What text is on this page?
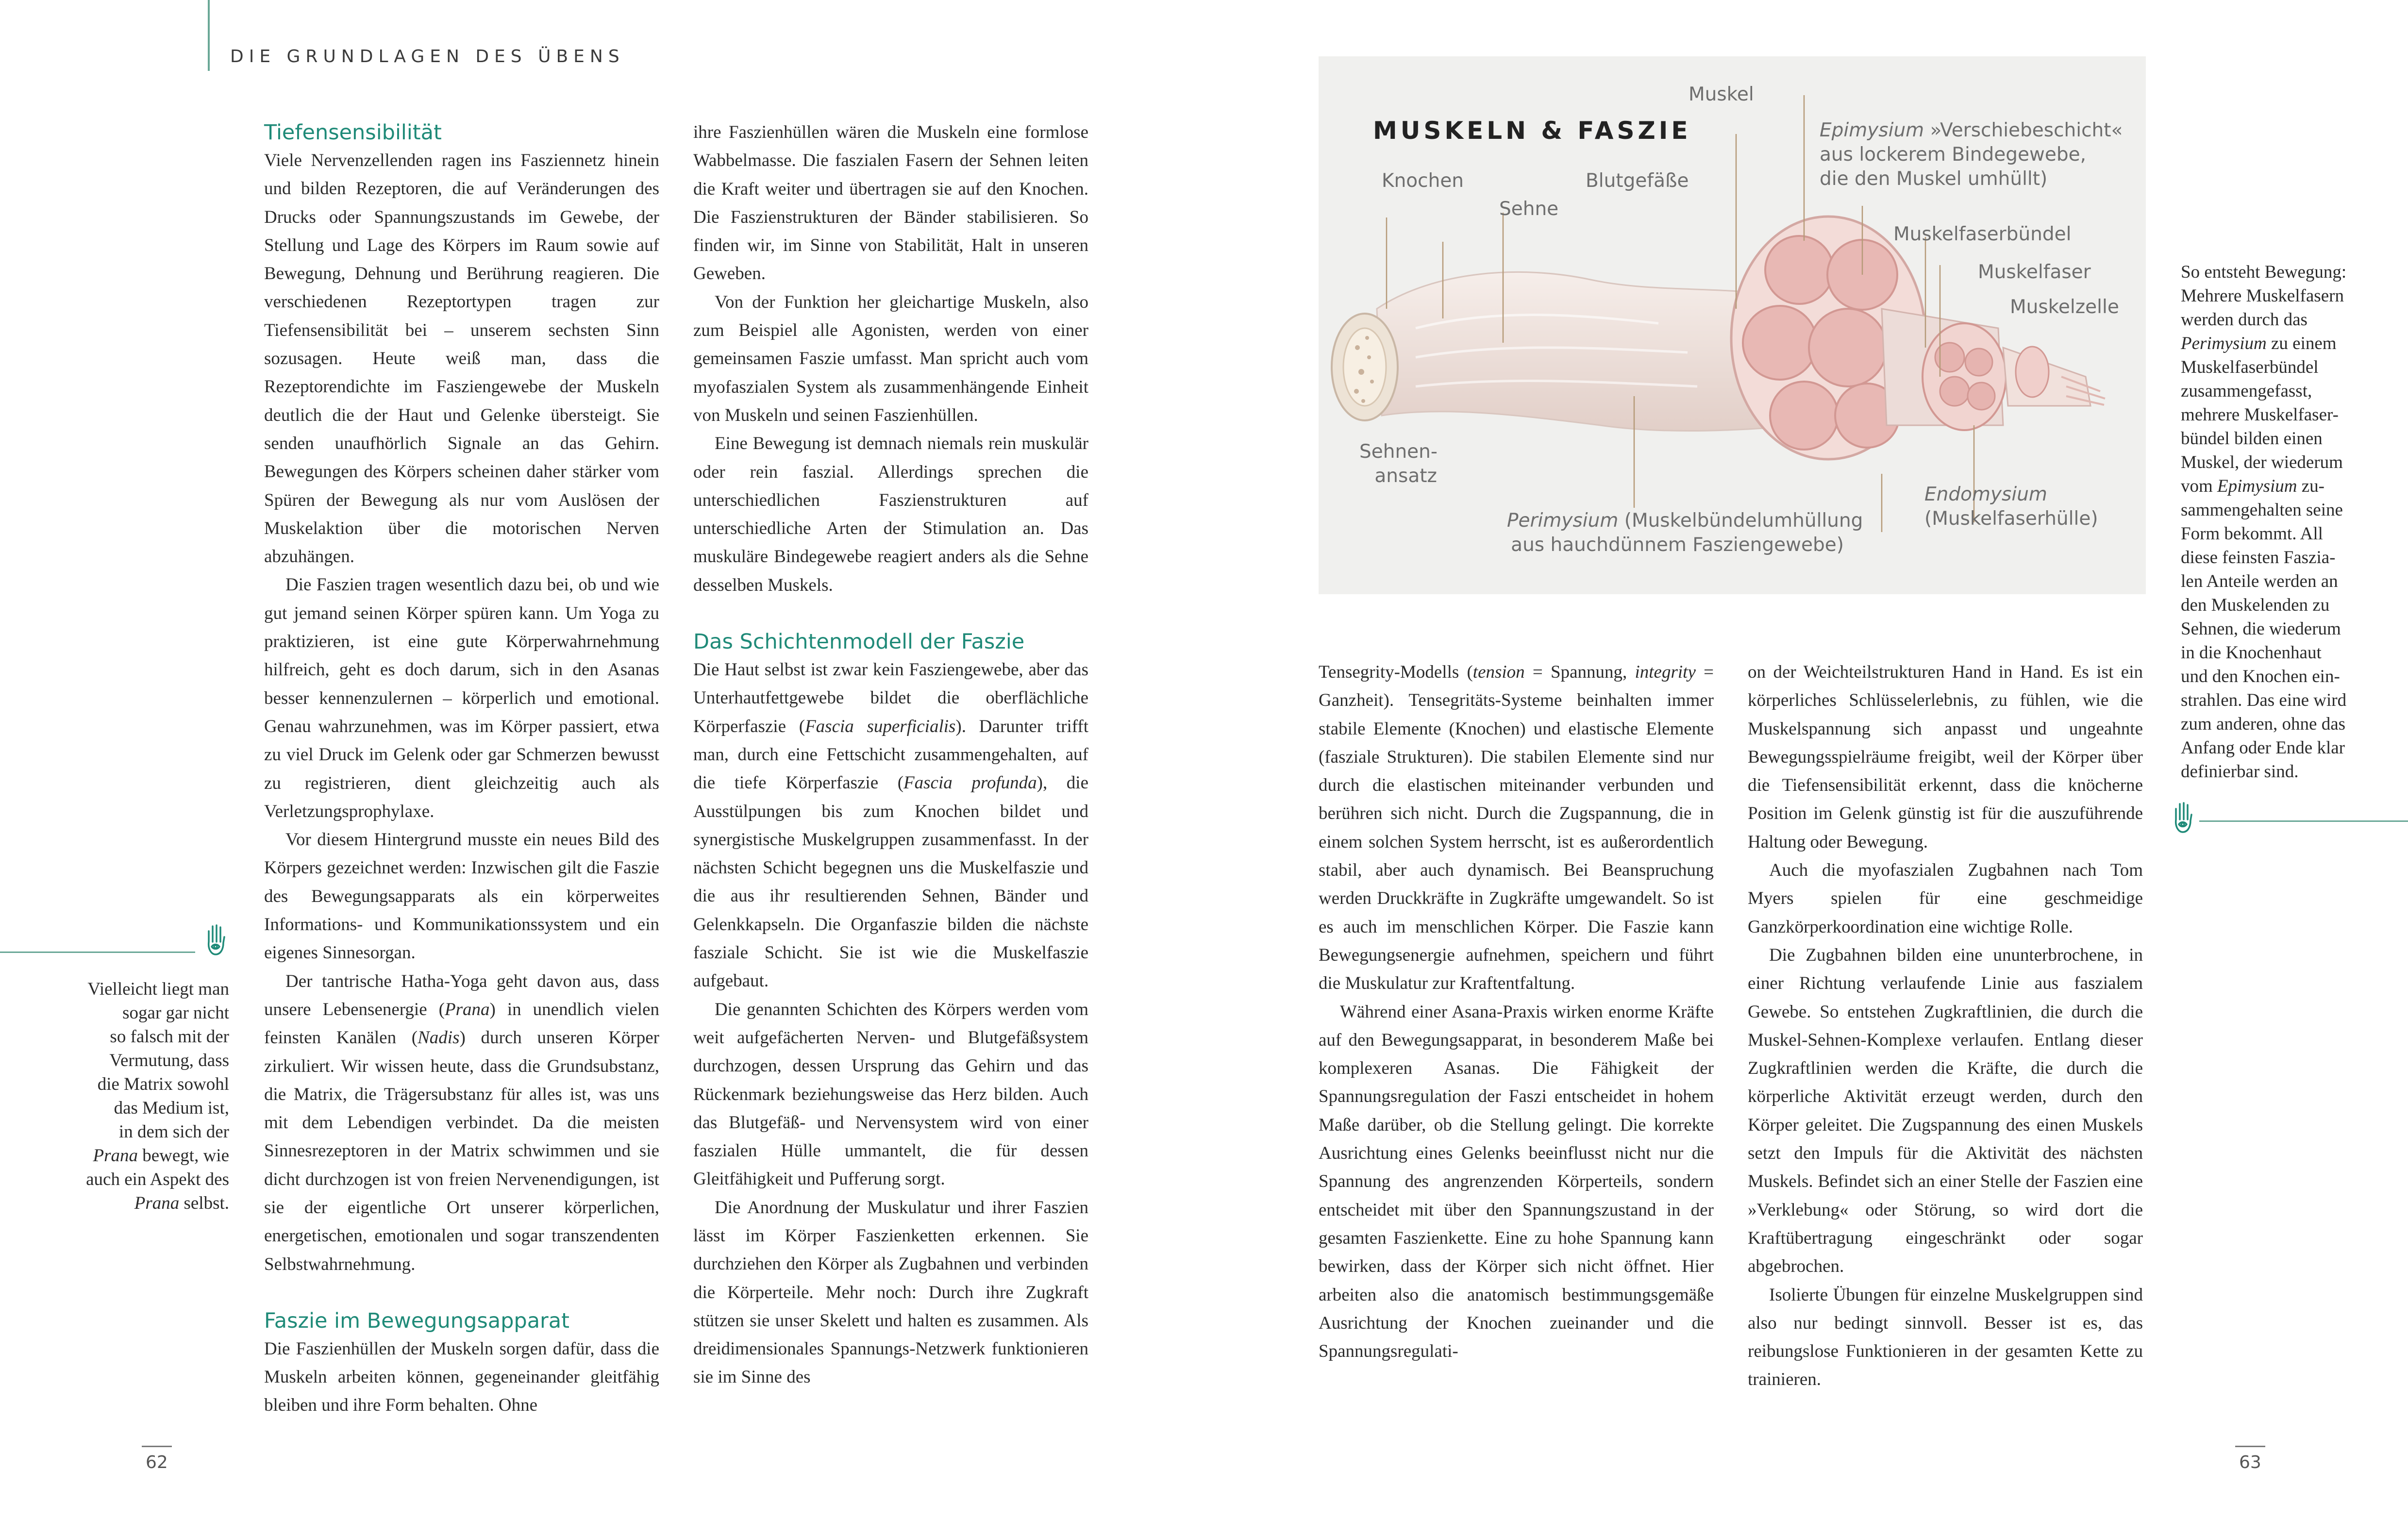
DIE GRUNDLAGEN DES ÜBENS
Vielleicht liegt man
sogar gar nicht
so falsch mit der
Vermutung, dass
die Matrix sowohl
das Medium ist,
in dem sich der
Prana bewegt, wie
auch ein Aspekt des
Prana selbst.
Tiefensensibilität

Viele Nervenzellenden ragen ins Fasziennetz hinein und bilden Rezeptoren, die auf Veränderungen des Drucks oder Spannungszustands im Gewebe, der Stellung und Lage des Körpers im Raum sowie auf Bewegung, Dehnung und Berührung reagieren. Die verschiedenen Rezeptortypen tragen zur Tiefensensibilität bei – unserem sechsten Sinn sozusagen. Heute weiß man, dass die Rezeptorendichte im Fasziengewebe der Muskeln deutlich die der Haut und Gelenke übersteigt. Sie senden unaufhörlich Signale an das Gehirn. Bewegungen des Körpers scheinen daher stärker vom Spüren der Bewegung als nur vom Auslösen der Muskelaktion über die motorischen Nerven abzuhängen.

Die Faszien tragen wesentlich dazu bei, ob und wie gut jemand seinen Körper spüren kann. Um Yoga zu praktizieren, ist eine gute Körperwahrnehmung hilfreich, geht es doch darum, sich in den Asanas besser kennenzulernen – körperlich und emotional. Genau wahrzunehmen, was im Körper passiert, etwa zu viel Druck im Gelenk oder gar Schmerzen bewusst zu registrieren, dient gleichzeitig auch als Verletzungsprophylaxe.

Vor diesem Hintergrund musste ein neues Bild des Körpers gezeichnet werden: Inzwischen gilt die Faszie des Bewegungsapparats als ein körperweites Informations- und Kommunikationssystem und ein eigenes Sinnesorgan.

Der tantrische Hatha-Yoga geht davon aus, dass unsere Lebensenergie (Prana) in unendlich vielen feinsten Kanälen (Nadis) durch unseren Körper zirkuliert. Wir wissen heute, dass die Grundsubstanz, die Matrix, die Trägersubstanz für alles ist, was uns mit dem Lebendigen verbindet. Da die meisten Sinnesrezeptoren in der Matrix schwimmen und sie dicht durchzogen ist von freien Nervenendigungen, ist sie der eigentliche Ort unserer körperlichen, energetischen, emotionalen und sogar transzendenten Selbstwahrnehmung.

Faszie im Bewegungsapparat

Die Faszienhüllen der Muskeln sorgen dafür, dass die Muskeln arbeiten können, gegeneinander gleitfähig bleiben und ihre Form behalten. Ohne

ihre Faszienhüllen wären die Muskeln eine formlose Wabbelmasse. Die faszialen Fasern der Sehnen leiten die Kraft weiter und übertragen sie auf den Knochen. Die Faszienstrukturen der Bänder stabilisieren. So finden wir, im Sinne von Stabilität, Halt in unseren Geweben.

Von der Funktion her gleichartige Muskeln, also zum Beispiel alle Agonisten, werden von einer gemeinsamen Faszie umfasst. Man spricht auch vom myofaszialen System als zusammenhängende Einheit von Muskeln und seinen Faszienhüllen.

Eine Bewegung ist demnach niemals rein muskulär oder rein faszial. Allerdings sprechen die unterschiedlichen Faszienstrukturen auf unterschiedliche Arten der Stimulation an. Das muskuläre Bindegewebe reagiert anders als die Sehne desselben Muskels.

Das Schichtenmodell der Faszie

Die Haut selbst ist zwar kein Fasziengewebe, aber das Unterhautfettgewebe bildet die oberflächliche Körperfaszie (Fascia superficialis). Darunter trifft man, durch eine Fettschicht zusammengehalten, auf die tiefe Körperfaszie (Fascia profunda), die Ausstülpungen bis zum Knochen bildet und synergistische Muskelgruppen zusammenfasst. In der nächsten Schicht begegnen uns die Muskelfaszie und die aus ihr resultierenden Sehnen, Bänder und Gelenkkapseln. Die Organfaszie bilden die nächste fasziale Schicht. Sie ist wie die Muskelfaszie aufgebaut.

Die genannten Schichten des Körpers werden vom weit aufgefächerten Nerven- und Blutgefäßsystem durchzogen, dessen Ursprung das Gehirn und das Rückenmark beziehungsweise das Herz bilden. Auch das Blutgefäß- und Nervensystem wird von einer faszialen Hülle ummantelt, die für dessen Gleitfähigkeit und Pufferung sorgt.

Die Anordnung der Muskulatur und ihrer Faszien lässt im Körper Faszienketten erkennen. Sie durchziehen den Körper als Zugbahnen und verbinden die Körperteile. Mehr noch: Durch ihre Zugkraft stützen sie unser Skelett und halten es zusammen. Als dreidimensionales Spannungs-Netzwerk funktionieren sie im Sinne des

Tensegrity-Modells (tension = Spannung, integrity = Ganzheit). Tensegritäts-Systeme beinhalten immer stabile Elemente (Knochen) und elastische Elemente (fasziale Strukturen). Die stabilen Elemente sind nur durch die elastischen miteinander verbunden und berühren sich nicht. Durch die Zugspannung, die in einem solchen System herrscht, ist es außerordentlich stabil, aber auch dynamisch. Bei Beanspruchung werden Druckkräfte in Zugkräfte umgewandelt. So ist es auch im menschlichen Körper. Die Faszie kann Bewegungsenergie aufnehmen, speichern und führt die Muskulatur zur Kraftentfaltung.

Während einer Asana-Praxis wirken enorme Kräfte auf den Bewegungsapparat, in besonderem Maße bei komplexeren Asanas. Die Fähigkeit der Spannungsregulation der Faszi entscheidet in hohem Maße darüber, ob die Stellung gelingt. Die korrekte Ausrichtung eines Gelenks beeinflusst nicht nur die Spannung des angrenzenden Körperteils, sondern entscheidet mit über den Spannungszustand in der gesamten Faszienkette. Eine zu hohe Spannung kann bewirken, dass der Körper sich nicht öffnet. Hier arbeiten also die anatomisch bestimmungsgemäße Ausrichtung der Knochen zueinander und die Spannungsregulati-

on der Weichteilstrukturen Hand in Hand. Es ist ein körperliches Schlüsselerlebnis, zu fühlen, wie die Muskelspannung sich anpasst und ungeahnte Bewegungsspielräume freigibt, weil der Körper über die Tiefensensibilität erkennt, dass die knöcherne Position im Gelenk günstig ist für die auszuführende Haltung oder Bewegung.

Auch die myofaszialen Zugbahnen nach Tom Myers spielen für eine geschmeidige Ganzkörperkoordination eine wichtige Rolle.

Die Zugbahnen bilden eine ununterbrochene, in einer Richtung verlaufende Linie aus faszialem Gewebe. So entstehen Zugkraftlinien, die durch die Muskel-Sehnen-Komplexe verlaufen. Entlang dieser Zugkraftlinien werden die Kräfte, die durch die körperliche Aktivität erzeugt werden, durch den Körper geleitet. Die Zugspannung des einen Muskels setzt den Impuls für die Aktivität des nächsten Muskels. Befindet sich an einer Stelle der Faszien eine »Verklebung« oder Störung, so wird dort die Kraftübertragung eingeschränkt oder sogar abgebrochen.

Isolierte Übungen für einzelne Muskelgruppen sind also nur bedingt sinnvoll. Besser ist es, das reibungslose Funktionieren in der gesamten Kette zu trainieren.

MUSKELN & FASZIE
Muskel
Epimysium »Verschiebeschicht«
aus lockerem Bindegewebe,
die den Muskel umhüllt)
Knochen	Blutgefäße
Sehne
Muskelfaserbündel
Muskelfaser
Muskelzelle
Sehnen-
ansatz
Perimysium (Muskelbündelumhüllung
aus hauchdünnem Fasziengewebe)
Endomysium
(Muskelfaserhülle)
So entsteht Bewegung:
Mehrere Muskelfasern
werden durch das
Perimysium zu einem
Muskelfaserbündel
zusammengefasst,
mehrere Muskelfaser-
bündel bilden einen
Muskel, der wiederum
vom Epimysium zu-
sammengehalten seine
Form bekommt. All
diese feinsten Faszia-
len Anteile werden an
den Muskelenden zu
Sehnen, die wiederum
in die Knochenhaut
und den Knochen ein-
strahlen. Das eine wird
zum anderen, ohne das
Anfang oder Ende klar
definierbar sind.
62	63
